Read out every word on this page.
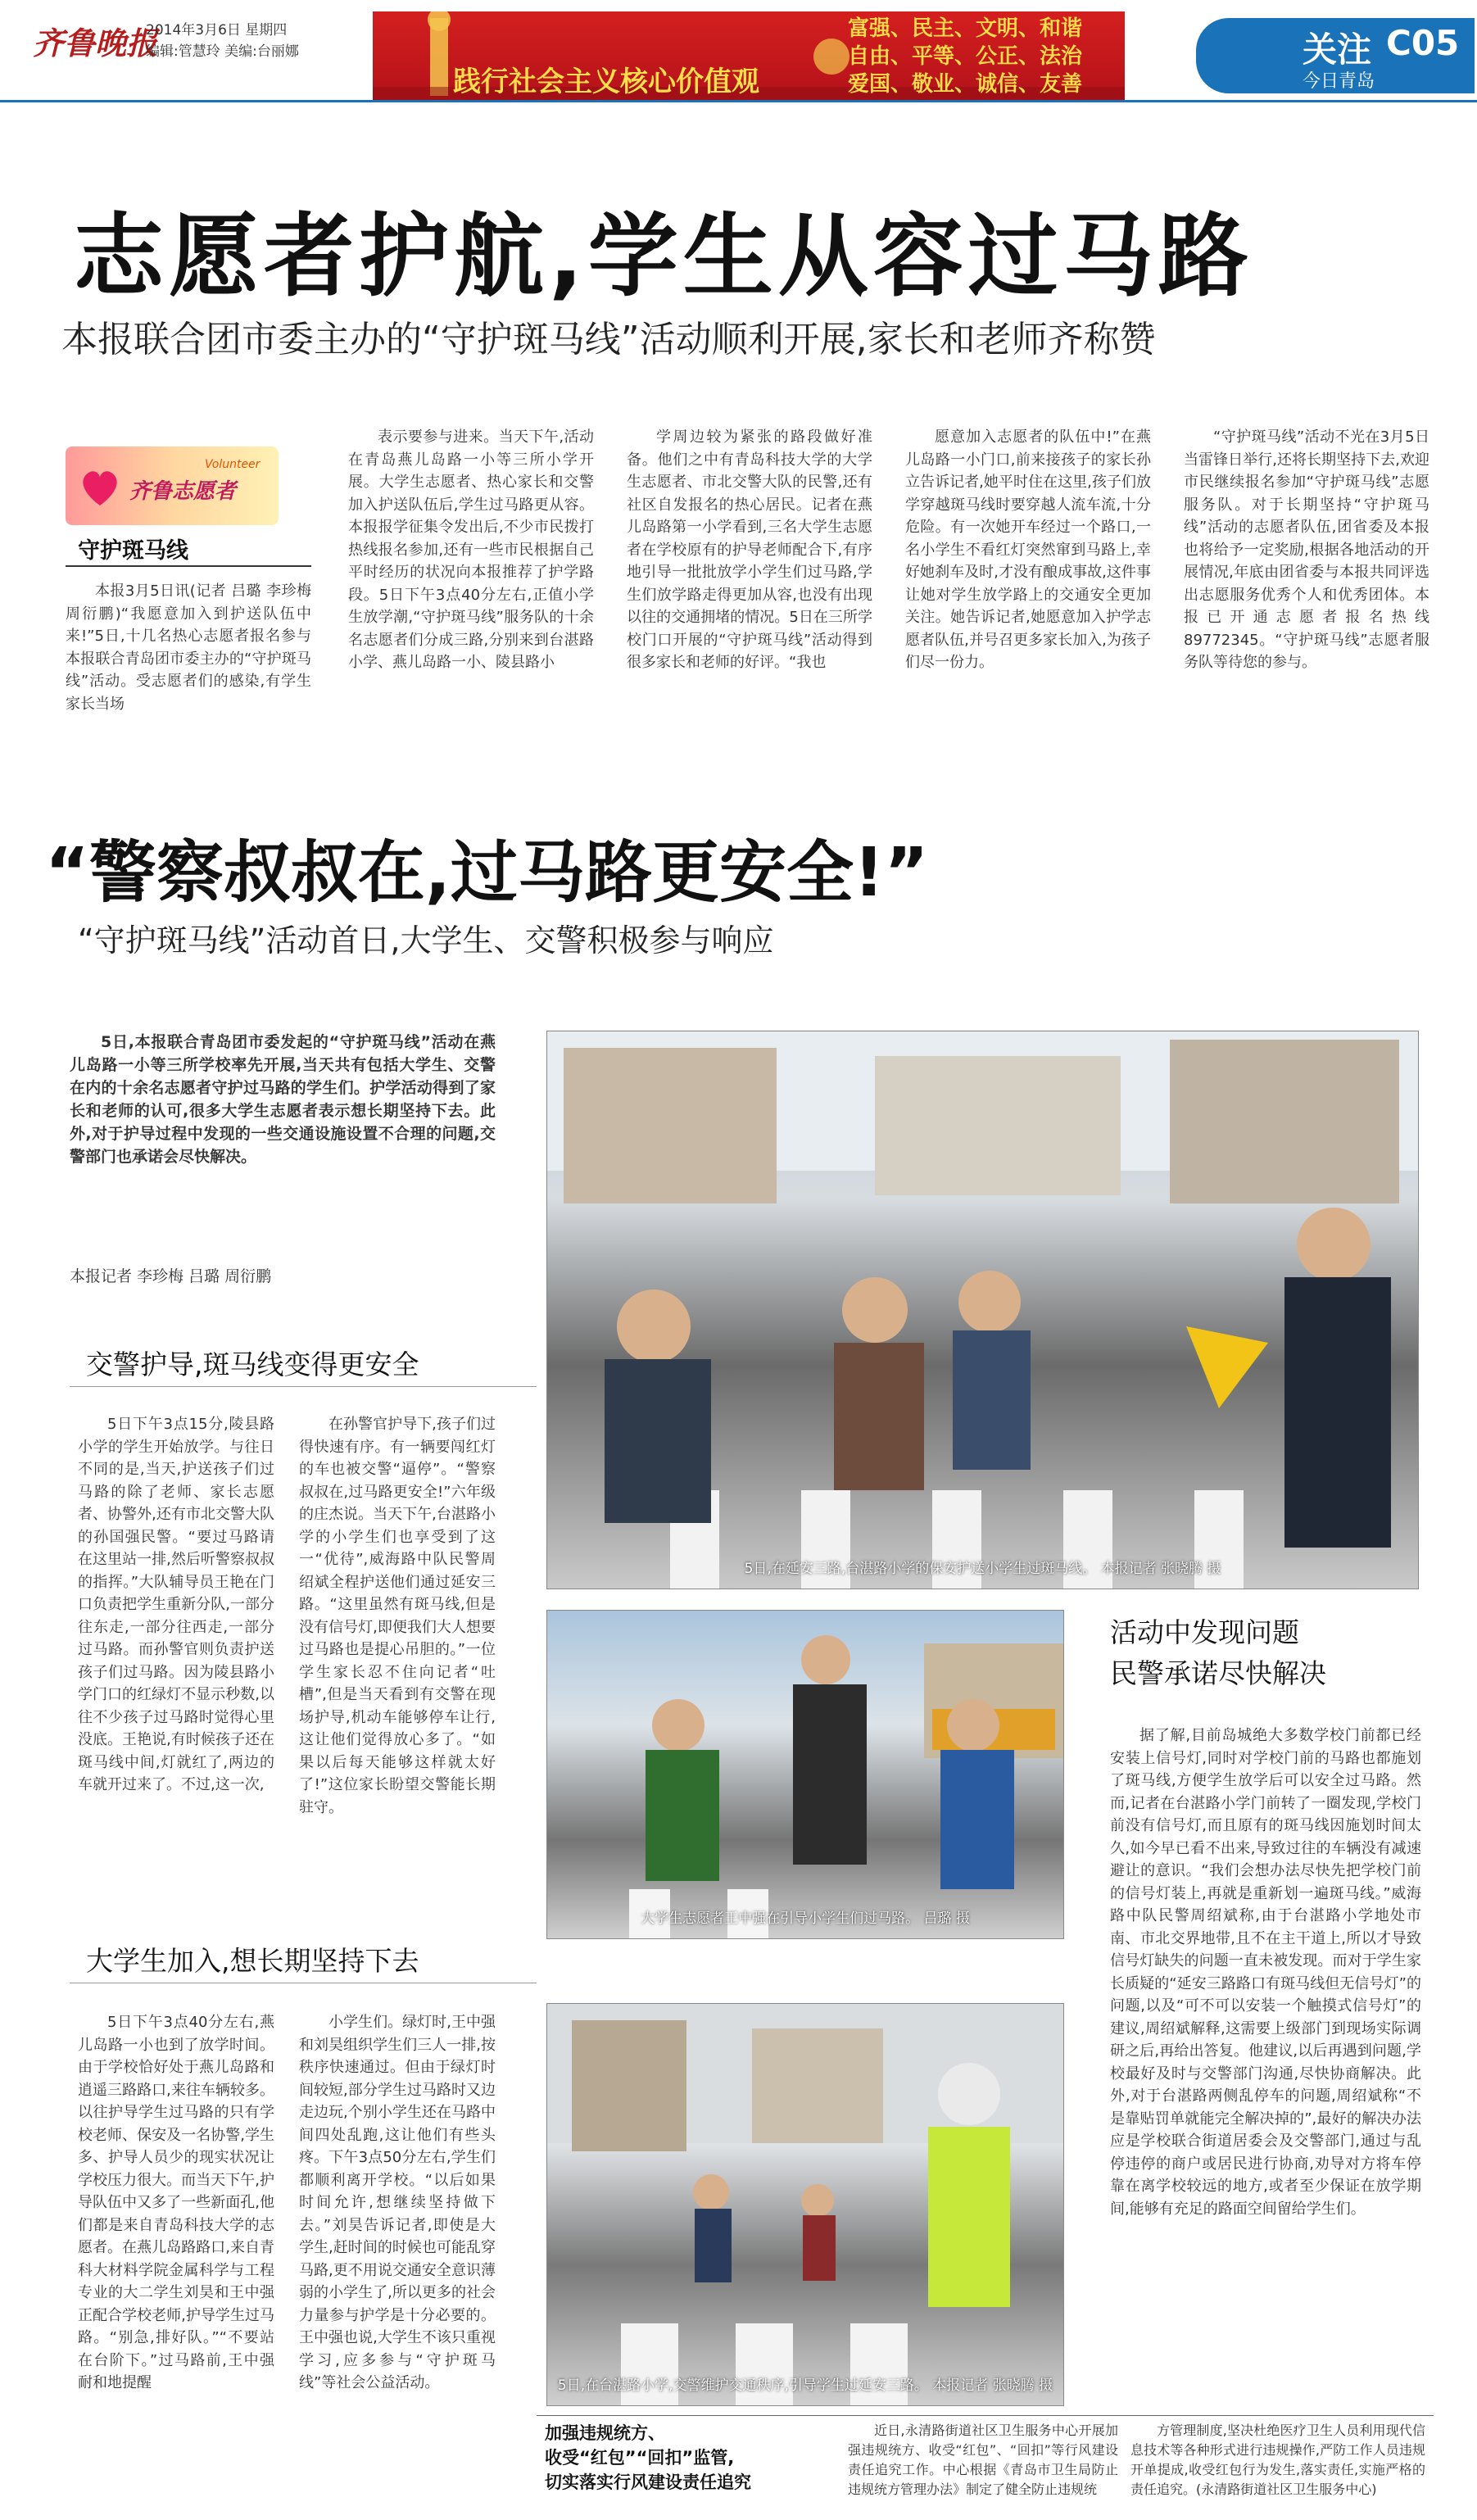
齐鲁晚报
2014年3月6日 星期四
编辑:管慧玲 美编:台丽娜
践行社会主义核心价值观
富强、民主、文明、和谐
自由、平等、公正、法治
爱国、敬业、诚信、友善
关注 C05
今日青岛
志愿者护航,学生从容过马路
本报联合团市委主办的“守护斑马线”活动顺利开展,家长和老师齐称赞
齐鲁志愿者
Volunteer
守护斑马线

本报3月5日讯(记者 吕璐 李珍梅 周衍鹏)“我愿意加入到护送队伍中来!”5日,十几名热心志愿者报名参与本报联合青岛团市委主办的“守护斑马线”活动。受志愿者们的感染,有学生家长当场

表示要参与进来。当天下午,活动在青岛燕儿岛路一小等三所小学开展。大学生志愿者、热心家长和交警加入护送队伍后,学生过马路更从容。本报报学征集令发出后,不少市民拨打热线报名参加,还有一些市民根据自己平时经历的状况向本报推荐了护学路段。5日下午3点40分左右,正值小学生放学潮,“守护斑马线”服务队的十余名志愿者们分成三路,分别来到台湛路小学、燕儿岛路一小、陵县路小

学周边较为紧张的路段做好准备。他们之中有青岛科技大学的大学生志愿者、市北交警大队的民警,还有社区自发报名的热心居民。记者在燕儿岛路第一小学看到,三名大学生志愿者在学校原有的护导老师配合下,有序地引导一批批放学小学生们过马路,学生们放学路走得更加从容,也没有出现以往的交通拥堵的情况。5日在三所学校门口开展的“守护斑马线”活动得到很多家长和老师的好评。“我也

愿意加入志愿者的队伍中!”在燕儿岛路一小门口,前来接孩子的家长孙立告诉记者,她平时住在这里,孩子们放学穿越斑马线时要穿越人流车流,十分危险。有一次她开车经过一个路口,一名小学生不看红灯突然窜到马路上,幸好她刹车及时,才没有酿成事故,这件事让她对学生放学路上的交通安全更加关注。她告诉记者,她愿意加入护学志愿者队伍,并号召更多家长加入,为孩子们尽一份力。

“守护斑马线”活动不光在3月5日当雷锋日举行,还将长期坚持下去,欢迎市民继续报名参加“守护斑马线”志愿服务队。对于长期坚持“守护斑马线”活动的志愿者队伍,团省委及本报也将给予一定奖励,根据各地活动的开展情况,年底由团省委与本报共同评选出志愿服务优秀个人和优秀团体。本报已开通志愿者报名热线89772345。“守护斑马线”志愿者服务队等待您的参与。

“警察叔叔在,过马路更安全!”
“守护斑马线”活动首日,大学生、交警积极参与响应

5日,本报联合青岛团市委发起的“守护斑马线”活动在燕儿岛路一小等三所学校率先开展,当天共有包括大学生、交警在内的十余名志愿者守护过马路的学生们。护学活动得到了家长和老师的认可,很多大学生志愿者表示想长期坚持下去。此外,对于护导过程中发现的一些交通设施设置不合理的问题,交警部门也承诺会尽快解决。

本报记者 李珍梅 吕璐 周衍鹏
交警护导,斑马线变得更安全

5日下午3点15分,陵县路小学的学生开始放学。与往日不同的是,当天,护送孩子们过马路的除了老师、家长志愿者、协警外,还有市北交警大队的孙国强民警。“要过马路请在这里站一排,然后听警察叔叔的指挥。”大队辅导员王艳在门口负责把学生重新分队,一部分往东走,一部分往西走,一部分过马路。而孙警官则负责护送孩子们过马路。因为陵县路小学门口的红绿灯不显示秒数,以往不少孩子过马路时觉得心里没底。王艳说,有时候孩子还在斑马线中间,灯就红了,两边的车就开过来了。不过,这一次,

在孙警官护导下,孩子们过得快速有序。有一辆要闯红灯的车也被交警“逼停”。“警察叔叔在,过马路更安全!”六年级的庄杰说。当天下午,台湛路小学的小学生们也享受到了这一“优待”,威海路中队民警周绍斌全程护送他们通过延安三路。“这里虽然有斑马线,但是没有信号灯,即便我们大人想要过马路也是提心吊胆的。”一位学生家长忍不住向记者“吐槽”,但是当天看到有交警在现场护导,机动车能够停车让行,这让他们觉得放心多了。“如果以后每天能够这样就太好了!”这位家长盼望交警能长期驻守。

大学生加入,想长期坚持下去

5日下午3点40分左右,燕儿岛路一小也到了放学时间。由于学校恰好处于燕儿岛路和逍遥三路路口,来往车辆较多。以往护导学生过马路的只有学校老师、保安及一名协警,学生多、护导人员少的现实状况让学校压力很大。而当天下午,护导队伍中又多了一些新面孔,他们都是来自青岛科技大学的志愿者。在燕儿岛路路口,来自青科大材料学院金属科学与工程专业的大二学生刘昊和王中强正配合学校老师,护导学生过马路。“别急,排好队。”“不要站在台阶下。”过马路前,王中强耐和地提醒

小学生们。绿灯时,王中强和刘昊组织学生们三人一排,按秩序快速通过。但由于绿灯时间较短,部分学生过马路时又边走边玩,个别小学生还在马路中间四处乱跑,这让他们有些头疼。下午3点50分左右,学生们都顺利离开学校。“以后如果时间允许,想继续坚持做下去。”刘昊告诉记者,即使是大学生,赶时间的时候也可能乱穿马路,更不用说交通安全意识薄弱的小学生了,所以更多的社会力量参与护学是十分必要的。王中强也说,大学生不该只重视学习,应多参与“守护斑马线”等社会公益活动。

5日,在延安三路,台湛路小学的保安护送小学生过斑马线。 本报记者 张晓腾 摄
大学生志愿者王中强在引导小学生们过马路。 吕璐 摄
5日,在台湛路小学,交警维护交通秩序,引导学生过延安三路。 本报记者 张晓腾 摄
活动中发现问题
民警承诺尽快解决

据了解,目前岛城绝大多数学校门前都已经安装上信号灯,同时对学校门前的马路也都施划了斑马线,方便学生放学后可以安全过马路。然而,记者在台湛路小学门前转了一圈发现,学校门前没有信号灯,而且原有的斑马线因施划时间太久,如今早已看不出来,导致过往的车辆没有减速避让的意识。“我们会想办法尽快先把学校门前的信号灯装上,再就是重新划一遍斑马线。”威海路中队民警周绍斌称,由于台湛路小学地处市南、市北交界地带,且不在主干道上,所以才导致信号灯缺失的问题一直未被发现。而对于学生家长质疑的“延安三路路口有斑马线但无信号灯”的问题,以及“可不可以安装一个触摸式信号灯”的建议,周绍斌解释,这需要上级部门到现场实际调研之后,再给出答复。他建议,以后再遇到问题,学校最好及时与交警部门沟通,尽快协商解决。此外,对于台湛路两侧乱停车的问题,周绍斌称“不是靠贴罚单就能完全解决掉的”,最好的解决办法应是学校联合街道居委会及交警部门,通过与乱停违停的商户或居民进行协商,劝导对方将车停靠在离学校较远的地方,或者至少保证在放学期间,能够有充足的路面空间留给学生们。

加强违规统方、
收受“红包”“回扣”监管,
切实落实行风建设责任追究

近日,永清路街道社区卫生服务中心开展加强违规统方、收受“红包”、“回扣”等行风建设责任追究工作。中心根据《青岛市卫生局防止违规统方管理办法》制定了健全防止违规统

方管理制度,坚决杜绝医疗卫生人员利用现代信息技术等各种形式进行违规操作,严防工作人员违规开单提成,收受红包行为发生,落实责任,实施严格的责任追究。(永清路街道社区卫生服务中心)
